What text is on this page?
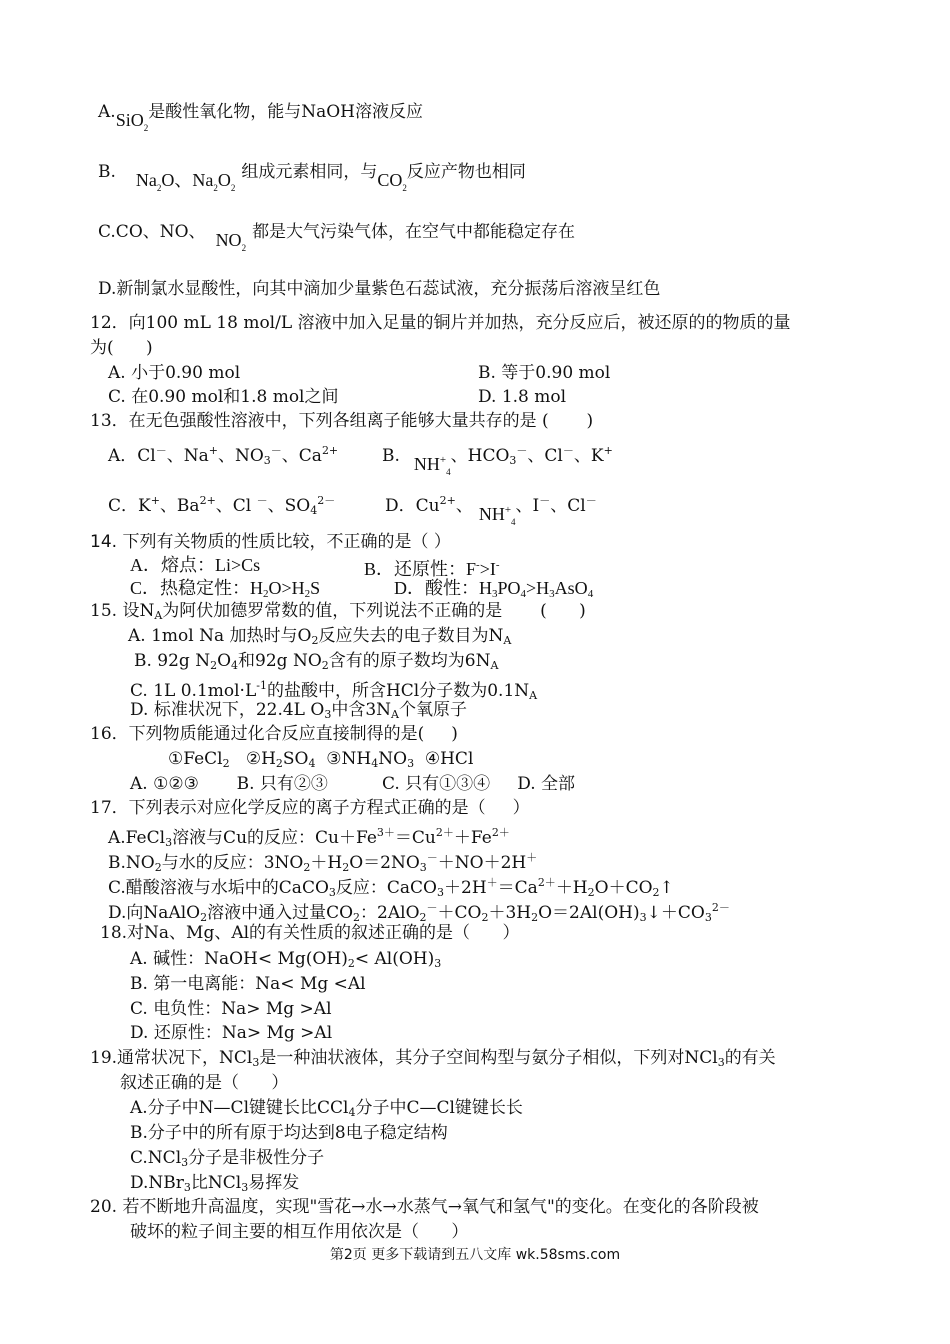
A.SiO$_2$是酸性氧化物，能与NaOH溶液反应
B. $Na_2O$、$Na_2O_2$组成元素相同，与$CO_2$反应产物也相同
C.CO、NO、 $NO_2$都是大气污染气体，在空气中都能稳定存在
D.新制氯水显酸性，向其中滴加少量紫色石蕊试液，充分振荡后溶液呈红色
12．向100 mL 18 mol/L 溶液中加入足量的铜片并加热，充分反应后，被还原的的物质的量
为(      )
A. 小于0.90 mol	B. 等于0.90 mol
C. 在0.90 mol和1.8 mol之间	D. 1.8 mol
13．在无色强酸性溶液中，下列各组离子能够大量共存的是 (       )
A．Cl－、Na+、$NO_3^-$、$Ca^{2+}$	B. $NH^+_4$、$HCO_3^-$、Cl－、K+
C．K+、$Ba^{2+}$、Cl －、$SO_4^{2-}$	D．$Cu^{2+}$、 $NH^+_4$、I－、Cl－
14. 下列有关物质的性质比较，不正确的是（ ）
A．熔点：Li>Cs	B．还原性：F->I-
C．热稳定性：$H_2O>H_2S$	D．酸性：$H_3PO_4>H_3AsO_4$
15. 设$N_A$为阿伏加德罗常数的值，下列说法不正确的是       (      )
A. 1mol Na 加热时与$O_2$反应失去的电子数目为$N_A$
B. 92g $N_2O_4$和92g $NO_2$含有的原子数均为$6N_A$
C. 1L $0.1mol\cdot L^{-1}$的盐酸中，所含HCl分子数为$0.1N_A$
D. 标准状况下，22.4L $O_3$中含$3N_A$个氧原子
16．下列物质能通过化合反应直接制得的是(     )
①FeCl$_2$   $②H_2SO_4$  $③NH_4NO_3$  ④HCl
A. ①②③       B. 只有②③          C. 只有①③④     D. 全部
17．下列表示对应化学反应的离子方程式正确的是（     ）
A.FeCl$_3$溶液与Cu的反应：$Cu+Fe^{3+}=Cu^{2+}+Fe^{2+}$
$B.NO_2$与水的反应：$3NO_2+H_2O=2NO_3^-+NO+2H^+$
C.醋酸溶液与水垢中的CaCO$_3$反应：$CaCO_3+2H^+=Ca^{2+}+H_2O+CO_2↑$
D.向NaAlO$_2$溶液中通入过量$CO_2$：$2AlO_2^-+CO_2+3H_2O=2Al(OH)_3↓+CO_3^{2-}$
18.对Na、Mg、Al的有关性质的叙述正确的是（      ）
A. 碱性：NaOH< $Mg(OH)_2< Al(OH)_3$
B. 第一电离能：Na< Mg <Al
C. 电负性：Na> Mg >Al
D. 还原性：Na> Mg >Al
19.通常状况下，NCl$_3$是一种油状液体，其分子空间构型与氨分子相似，下列对NCl$_3$的有关
叙述正确的是（      ）
A.分子中N—Cl键键长比CCl$_4$分子中C—Cl键键长长
B.分子中的所有原于均达到8电子稳定结构
C.NCl$_3$分子是非极性分子
D.NBr$_3$比NCl$_3$易挥发
20. 若不断地升高温度，实现"雪花→水→水蒸气→氧气和氢气"的变化。在变化的各阶段被
破坏的粒子间主要的相互作用依次是（      ）
第2页 更多下载请到五八文库 wk.58sms.com
